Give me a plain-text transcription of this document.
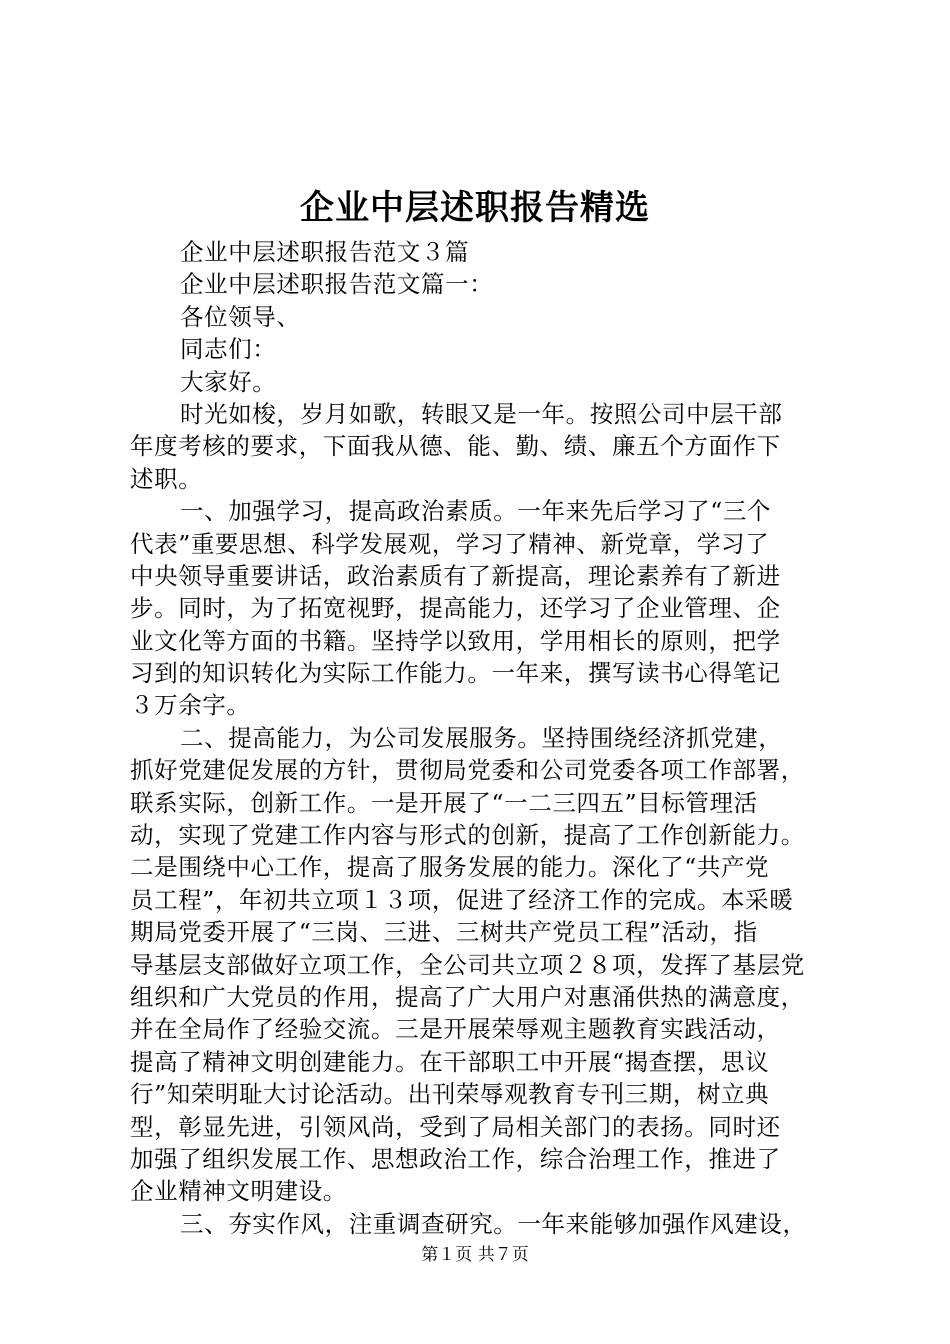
企业中层述职报告精选
企业中层述职报告范文３篇
企业中层述职报告范文篇一：
各位领导、
同志们：
大家好。
时光如梭，岁月如歌，转眼又是一年。按照公司中层干部
年度考核的要求，下面我从德、能、勤、绩、廉五个方面作下
述职。
一、加强学习，提高政治素质。一年来先后学习了“三个
代表”重要思想、科学发展观，学习了精神、新党章，学习了
中央领导重要讲话，政治素质有了新提高，理论素养有了新进
步。同时，为了拓宽视野，提高能力，还学习了企业管理、企
业文化等方面的书籍。坚持学以致用，学用相长的原则，把学
习到的知识转化为实际工作能力。一年来，撰写读书心得笔记
３万余字。
二、提高能力，为公司发展服务。坚持围绕经济抓党建，
抓好党建促发展的方针，贯彻局党委和公司党委各项工作部署，
联系实际，创新工作。一是开展了“一二三四五”目标管理活
动，实现了党建工作内容与形式的创新，提高了工作创新能力。
二是围绕中心工作，提高了服务发展的能力。深化了“共产党
员工程”，年初共立项１３项，促进了经济工作的完成。本采暖
期局党委开展了“三岗、三进、三树共产党员工程”活动，指
导基层支部做好立项工作，全公司共立项２８项，发挥了基层党
组织和广大党员的作用，提高了广大用户对惠涌供热的满意度，
并在全局作了经验交流。三是开展荣辱观主题教育实践活动，
提高了精神文明创建能力。在干部职工中开展“揭查摆，思议
行”知荣明耻大讨论活动。出刊荣辱观教育专刊三期，树立典
型，彰显先进，引领风尚，受到了局相关部门的表扬。同时还
加强了组织发展工作、思想政治工作，综合治理工作，推进了
企业精神文明建设。
三、夯实作风，注重调查研究。一年来能够加强作风建设，
第１页 共７页
